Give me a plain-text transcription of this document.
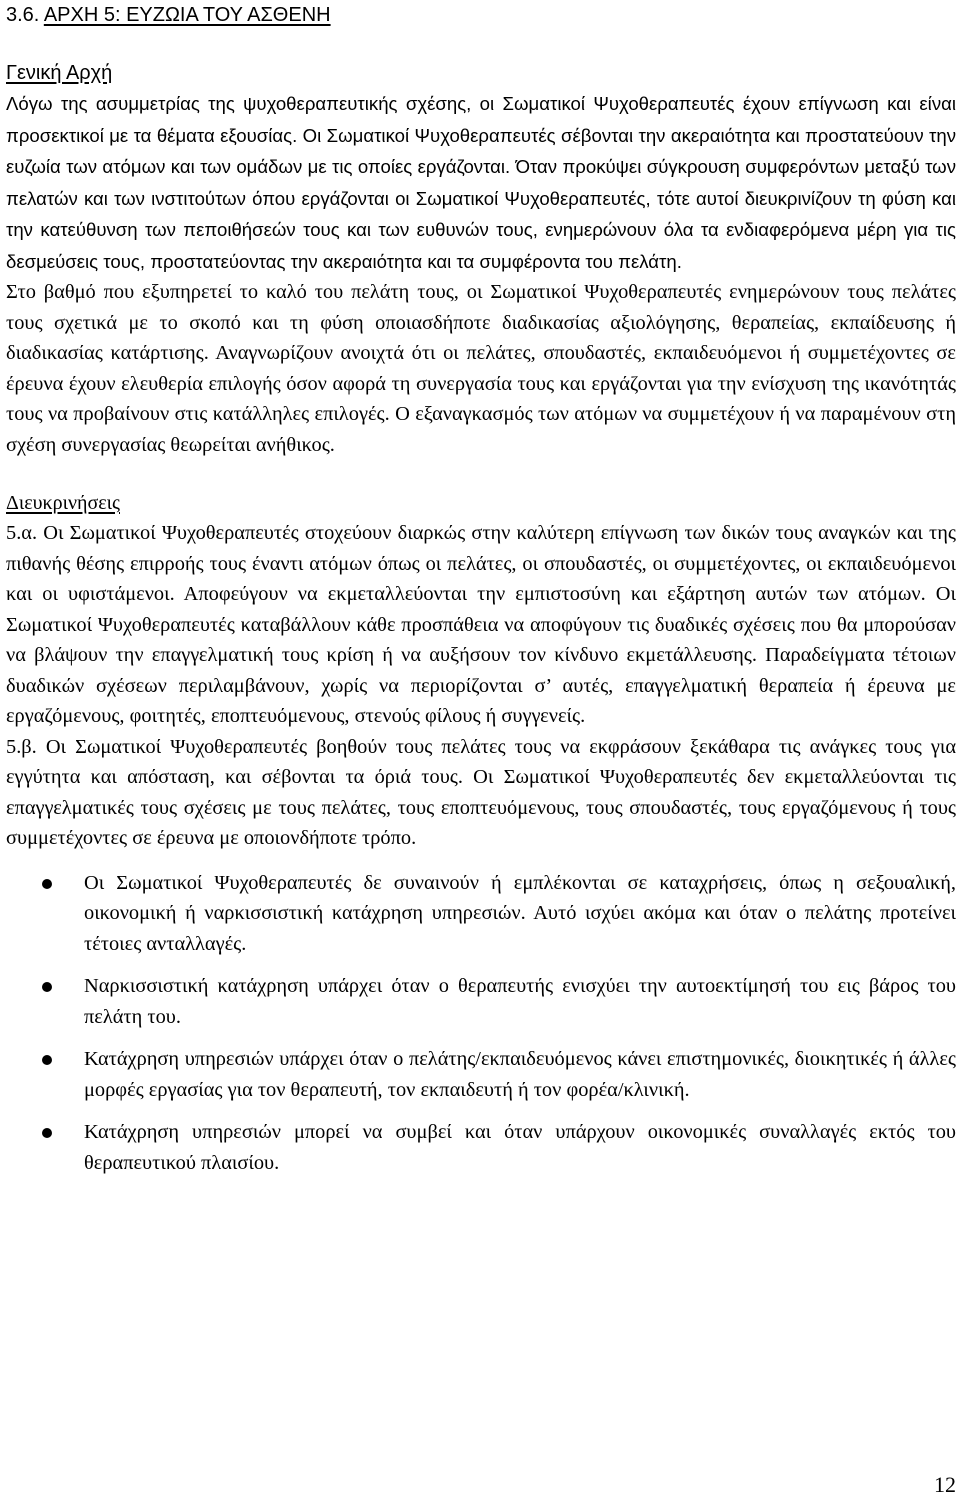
3.6. ΑΡΧΗ 5: ΕΥΖΩΙΑ ΤΟΥ ΑΣΘΕΝΗ
Γενική Αρχή

Λόγω της ασυμμετρίας της ψυχοθεραπευτικής σχέσης, οι Σωματικοί Ψυχοθεραπευτές έχουν επίγνωση και είναι προσεκτικοί με τα θέματα εξουσίας. Οι Σωματικοί Ψυχοθεραπευτές σέβονται την ακεραιότητα και προστατεύουν την ευζωία των ατόμων και των ομάδων με τις οποίες εργάζονται. Όταν προκύψει σύγκρουση συμφερόντων μεταξύ των πελατών και των ινστιτούτων όπου εργάζονται οι Σωματικοί Ψυχοθεραπευτές, τότε αυτοί διευκρινίζουν τη φύση και την κατεύθυνση των πεποιθήσεών τους και των ευθυνών τους, ενημερώνουν όλα τα ενδιαφερόμενα μέρη για τις δεσμεύσεις τους, προστατεύοντας την ακεραιότητα και τα συμφέροντα του πελάτη.

Στο βαθμό που εξυπηρετεί το καλό του πελάτη τους, οι Σωματικοί Ψυχοθεραπευτές ενημερώνουν τους πελάτες τους σχετικά με το σκοπό και τη φύση οποιασδήποτε διαδικασίας αξιολόγησης, θεραπείας, εκπαίδευσης ή διαδικασίας κατάρτισης. Αναγνωρίζουν ανοιχτά ότι οι πελάτες, σπουδαστές, εκπαιδευόμενοι ή συμμετέχοντες σε έρευνα έχουν ελευθερία επιλογής όσον αφορά τη συνεργασία τους και εργάζονται για την ενίσχυση της ικανότητάς τους να προβαίνουν στις κατάλληλες επιλογές. Ο εξαναγκασμός των ατόμων να συμμετέχουν ή να παραμένουν στη σχέση συνεργασίας θεωρείται ανήθικος.

Διευκρινήσεις

5.α. Οι Σωματικοί Ψυχοθεραπευτές στοχεύουν διαρκώς στην καλύτερη επίγνωση των δικών τους αναγκών και της πιθανής θέσης επιρροής τους έναντι ατόμων όπως οι πελάτες, οι σπουδαστές, οι συμμετέχοντες, οι εκπαιδευόμενοι και οι υφιστάμενοι. Αποφεύγουν να εκμεταλλεύονται την εμπιστοσύνη και εξάρτηση αυτών των ατόμων. Οι Σωματικοί Ψυχοθεραπευτές καταβάλλουν κάθε προσπάθεια να αποφύγουν τις δυαδικές σχέσεις που θα μπορούσαν να βλάψουν την επαγγελματική τους κρίση ή να αυξήσουν τον κίνδυνο εκμετάλλευσης. Παραδείγματα τέτοιων δυαδικών σχέσεων περιλαμβάνουν, χωρίς να περιορίζονται σ’ αυτές, επαγγελματική θεραπεία ή έρευνα με εργαζόμενους, φοιτητές, εποπτευόμενους, στενούς φίλους ή συγγενείς.

5.β. Οι Σωματικοί Ψυχοθεραπευτές βοηθούν τους πελάτες τους να εκφράσουν ξεκάθαρα τις ανάγκες τους για εγγύτητα και απόσταση, και σέβονται τα όριά τους. Οι Σωματικοί Ψυχοθεραπευτές δεν εκμεταλλεύονται τις επαγγελματικές τους σχέσεις με τους πελάτες, τους εποπτευόμενους, τους σπουδαστές, τους εργαζόμενους ή τους συμμετέχοντες σε έρευνα με οποιονδήποτε τρόπο.

Οι Σωματικοί Ψυχοθεραπευτές δε συναινούν ή εμπλέκονται σε καταχρήσεις, όπως η σεξουαλική, οικονομική ή ναρκισσιστική κατάχρηση υπηρεσιών. Αυτό ισχύει ακόμα και όταν ο πελάτης προτείνει τέτοιες ανταλλαγές.
Ναρκισσιστική κατάχρηση υπάρχει όταν ο θεραπευτής ενισχύει την αυτοεκτίμησή του εις βάρος του πελάτη του.
Κατάχρηση υπηρεσιών υπάρχει όταν ο πελάτης/εκπαιδευόμενος κάνει επιστημονικές, διοικητικές ή άλλες μορφές εργασίας για τον θεραπευτή, τον εκπαιδευτή ή τον φορέα/κλινική.
Κατάχρηση υπηρεσιών μπορεί να συμβεί και όταν υπάρχουν οικονομικές συναλλαγές εκτός του θεραπευτικού πλαισίου.
12
